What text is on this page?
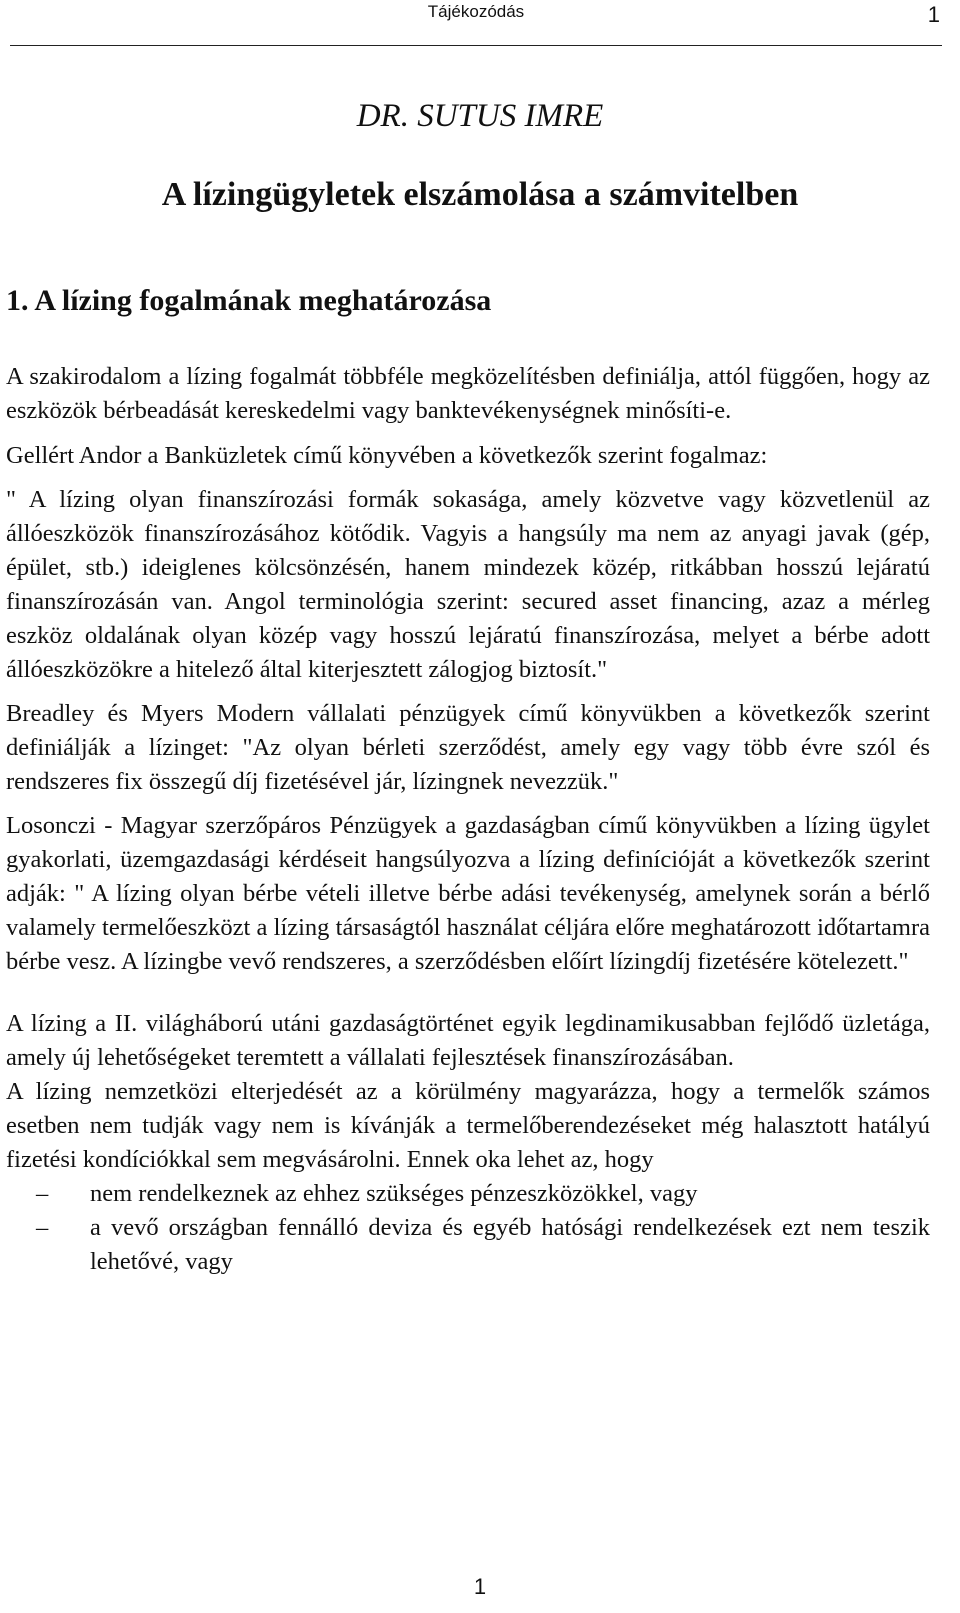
Tájékozódás	1
DR. SUTUS IMRE
A lízingügyletek elszámolása a számvitelben
1. A lízing fogalmának meghatározása

A szakirodalom a lízing fogalmát többféle megközelítésben definiálja, attól függően, hogy az eszközök bérbeadását kereskedelmi vagy banktevékenységnek minősíti-e.

Gellért Andor a Banküzletek című könyvében a következők szerint fogalmaz:

" A lízing olyan finanszírozási formák sokasága, amely közvetve vagy közvetlenül az állóeszközök finanszírozásához kötődik. Vagyis a hangsúly ma nem az anyagi javak (gép, épület, stb.) ideiglenes kölcsönzésén, hanem mindezek közép, ritkábban hosszú lejáratú finanszírozásán van. Angol terminológia szerint: secured asset financing, azaz a mérleg eszköz oldalának olyan közép vagy hosszú lejáratú finanszírozása, melyet a bérbe adott állóeszközökre a hitelező által kiterjesztett zálogjog biztosít."

Breadley és Myers Modern vállalati pénzügyek című könyvükben a következők szerint definiálják a lízinget: "Az olyan bérleti szerződést, amely egy vagy több évre szól és rendszeres fix összegű díj fizetésével jár, lízingnek nevezzük."

Losonczi - Magyar szerzőpáros Pénzügyek a gazdaságban című könyvükben a lízing ügylet gyakorlati, üzemgazdasági kérdéseit hangsúlyozva a lízing definícióját a következők szerint adják: " A lízing olyan bérbe vételi illetve bérbe adási tevékenység, amelynek során a bérlő valamely termelőeszközt a lízing társaságtól használat céljára előre meghatározott időtartamra bérbe vesz. A lízingbe vevő rendszeres, a szerződésben előírt lízingdíj fizetésére kötelezett."

A lízing a II. világháború utáni gazdaságtörténet egyik legdinamikusabban fejlődő üzletága, amely új lehetőségeket teremtett a vállalati fejlesztések finanszírozásában.

A lízing nemzetközi elterjedését az a körülmény magyarázza, hogy a termelők számos esetben nem tudják vagy nem is kívánják a termelőberendezéseket még halasztott hatályú fizetési kondíciókkal sem megvásárolni. Ennek oka lehet az, hogy

– nem rendelkeznek az ehhez szükséges pénzeszközökkel, vagy
– a vevő országban fennálló deviza és egyéb hatósági rendelkezések ezt nem teszik lehetővé, vagy
1
